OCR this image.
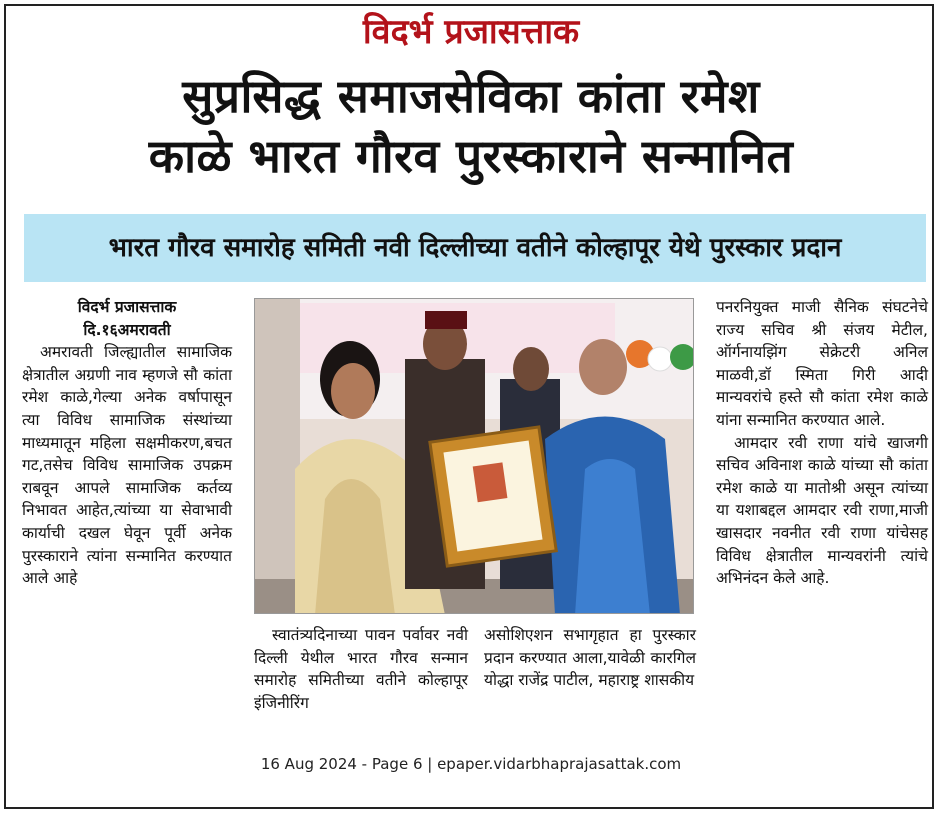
विदर्भ प्रजासत्ताक
सुप्रसिद्ध समाजसेविका कांता रमेश
काळे भारत गौरव पुरस्काराने सन्मानित
भारत गौरव समारोह समिती नवी दिल्लीच्या वतीने कोल्हापूर येथे पुरस्कार प्रदान

विदर्भ प्रजासत्ताक

दि.१६अमरावती

अमरावती जिल्ह्यातील सामाजिक क्षेत्रातील अग्रणी नाव म्हणजे सौ कांता रमेश काळे,गेल्या अनेक वर्षापासून त्या विविध सामाजिक संस्थांच्या माध्यमातून महिला सक्षमीकरण,बचत गट,तसेच विविध सामाजिक उपक्रम राबवून आपले सामाजिक कर्तव्य निभावत आहेत,त्यांच्या या सेवाभावी कार्याची दखल घेवून पूर्वी अनेक पुरस्काराने त्यांना सन्मानित करण्यात आले आहे

स्वातंत्र्यदिनाच्या पावन पर्वावर नवी दिल्ली येथील भारत गौरव सन्मान समारोह समितीच्या वतीने कोल्हापूर इंजिनीरिंग

असोशिएशन सभागृहात हा पुरस्कार प्रदान करण्यात आला,यावेळी कारगिल योद्धा राजेंद्र पाटील, महाराष्ट्र शासकीय

पनरनियुक्त माजी सैनिक संघटनेचे राज्य सचिव श्री संजय मेटील, ऑर्गनायझिंग सेक्रेटरी अनिल माळवी,डॉ स्मिता गिरी आदी मान्यवरांचे हस्ते सौ कांता रमेश काळे यांना सन्मानित करण्यात आले.

आमदार रवी राणा यांचे खाजगी सचिव अविनाश काळे यांच्या सौ कांता रमेश काळे या मातोश्री असून त्यांच्या या यशाबद्दल आमदार रवी राणा,माजी खासदार नवनीत रवी राणा यांचेसह विविध क्षेत्रातील मान्यवरांनी त्यांचे अभिनंदन केले आहे.

16 Aug 2024 - Page 6 | epaper.vidarbhaprajasattak.com
